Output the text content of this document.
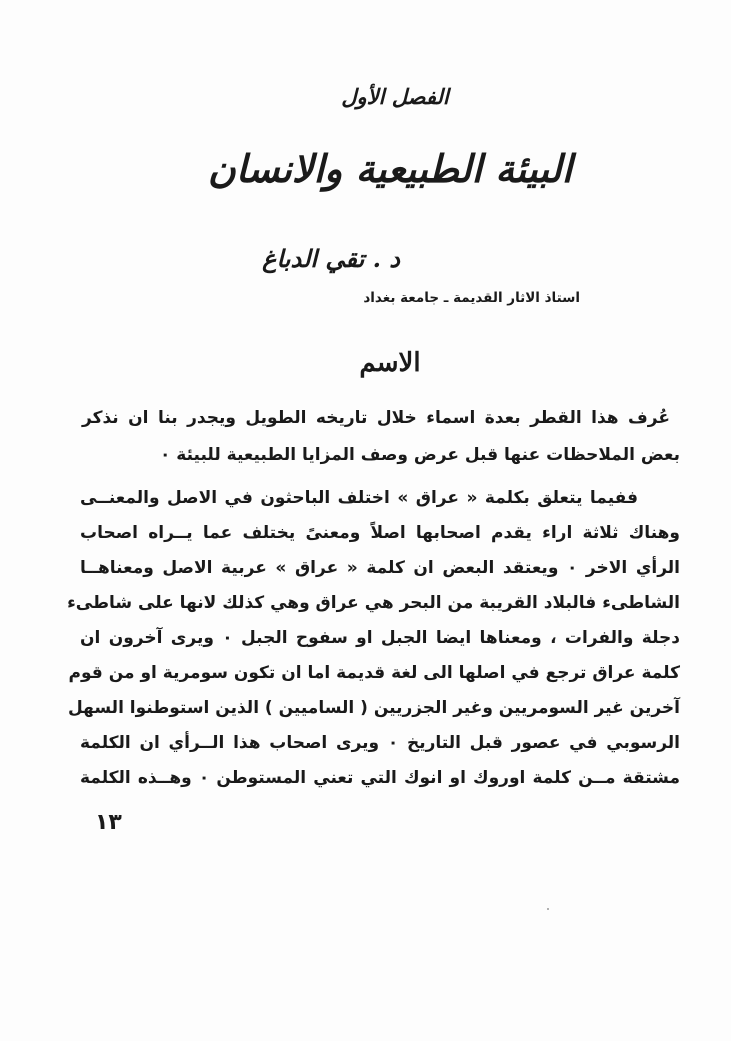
الفصل الأول
البيئة الطبيعية والانسان
د . تقي الدباغ
استاذ الاثار القديمة ـ جامعة بغداد
الاسم
عُرف هذا القطر بعدة اسماء خلال تاريخه الطويل ويجدر بنا ان نذكر
بعض الملاحظات عنها قبل عرض وصف المزايا الطبيعية للبيئة ٠
ففيما يتعلق بكلمة « عراق » اختلف الباحثون في الاصل والمعنــى
وهناك ثلاثة اراء يقدم اصحابها اصلاً ومعنىً يختلف عما يــراه اصحاب
الرأي الاخر ٠ ويعتقد البعض ان كلمة « عراق » عربية الاصل ومعناهــا
الشاطىء فالبلاد القريبة من البحر هي عراق وهي كذلك لانها على شاطىء
دجلة والفرات ، ومعناها ايضا الجبل او سفوح الجبل ٠ ويرى آخرون ان
كلمة عراق ترجع في اصلها الى لغة قديمة اما ان تكون سومرية او من قوم
آخرين غير السومريين وغير الجزريين ( الساميين ) الذين استوطنوا السهل
الرسوبي في عصور قبل التاريخ ٠ ويرى اصحاب هذا الــرأي ان الكلمة
مشتقة مــن كلمة اوروك او انوك التي تعني المستوطن ٠ وهــذه الكلمة
١٣
